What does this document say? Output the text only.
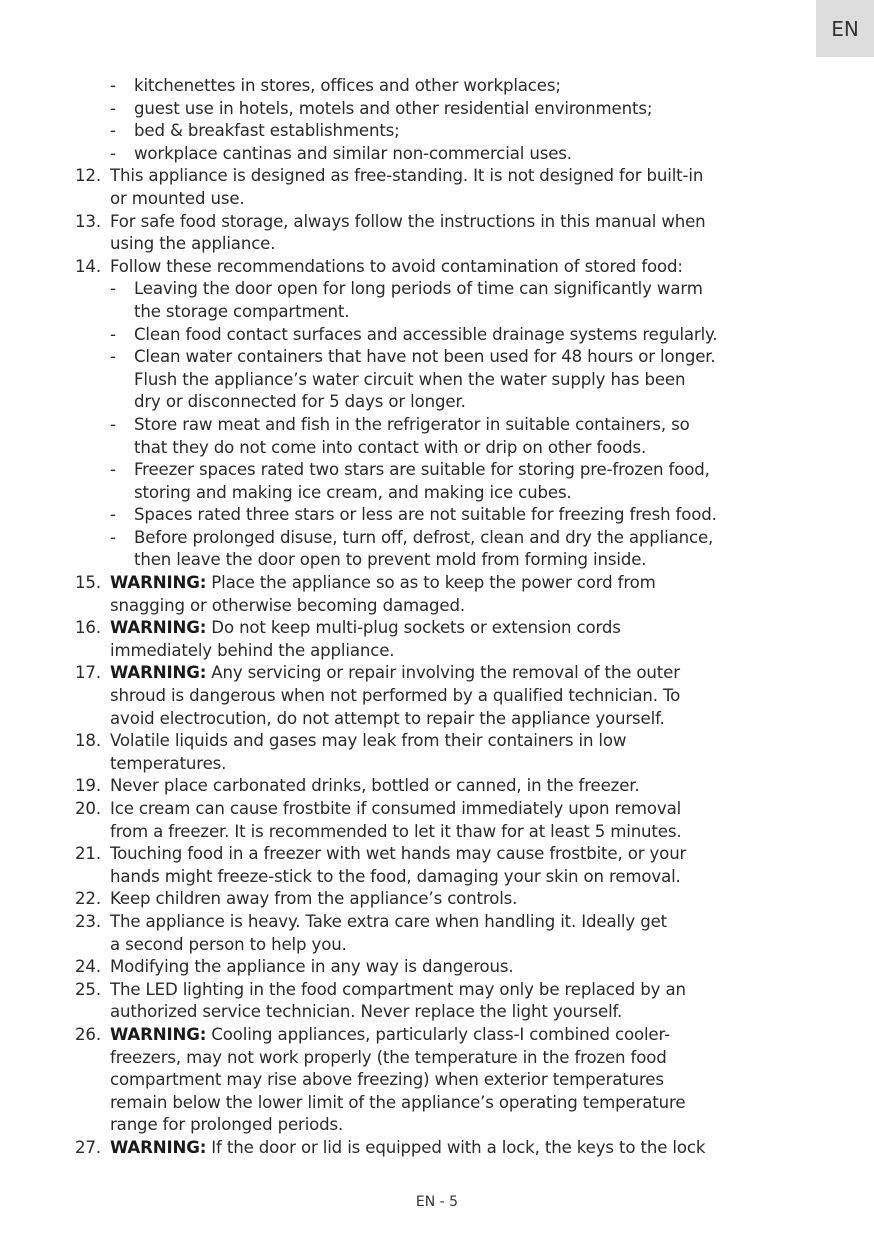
EN
- kitchenettes in stores, offices and other workplaces;
- guest use in hotels, motels and other residential environments;
- bed & breakfast establishments;
- workplace cantinas and similar non-commercial uses.
12. This appliance is designed as free-standing. It is not designed for built-in
or mounted use.
13. For safe food storage, always follow the instructions in this manual when
using the appliance.
14. Follow these recommendations to avoid contamination of stored food:
- Leaving the door open for long periods of time can significantly warm
the storage compartment.
- Clean food contact surfaces and accessible drainage systems regularly.
- Clean water containers that have not been used for 48 hours or longer.
Flush the appliance’s water circuit when the water supply has been
dry or disconnected for 5 days or longer.
- Store raw meat and fish in the refrigerator in suitable containers, so
that they do not come into contact with or drip on other foods.
- Freezer spaces rated two stars are suitable for storing pre-frozen food,
storing and making ice cream, and making ice cubes.
- Spaces rated three stars or less are not suitable for freezing fresh food.
- Before prolonged disuse, turn off, defrost, clean and dry the appliance,
then leave the door open to prevent mold from forming inside.
15. WARNING: Place the appliance so as to keep the power cord from
snagging or otherwise becoming damaged.
16. WARNING: Do not keep multi-plug sockets or extension cords
immediately behind the appliance.
17. WARNING: Any servicing or repair involving the removal of the outer
shroud is dangerous when not performed by a qualified technician. To
avoid electrocution, do not attempt to repair the appliance yourself.
18. Volatile liquids and gases may leak from their containers in low
temperatures.
19. Never place carbonated drinks, bottled or canned, in the freezer.
20. Ice cream can cause frostbite if consumed immediately upon removal
from a freezer. It is recommended to let it thaw for at least 5 minutes.
21. Touching food in a freezer with wet hands may cause frostbite, or your
hands might freeze-stick to the food, damaging your skin on removal.
22. Keep children away from the appliance’s controls.
23. The appliance is heavy. Take extra care when handling it. Ideally get
a second person to help you.
24. Modifying the appliance in any way is dangerous.
25. The LED lighting in the food compartment may only be replaced by an
authorized service technician. Never replace the light yourself.
26. WARNING: Cooling appliances, particularly class-I combined cooler-
freezers, may not work properly (the temperature in the frozen food
compartment may rise above freezing) when exterior temperatures
remain below the lower limit of the appliance’s operating temperature
range for prolonged periods.
27. WARNING: If the door or lid is equipped with a lock, the keys to the lock
EN - 5
